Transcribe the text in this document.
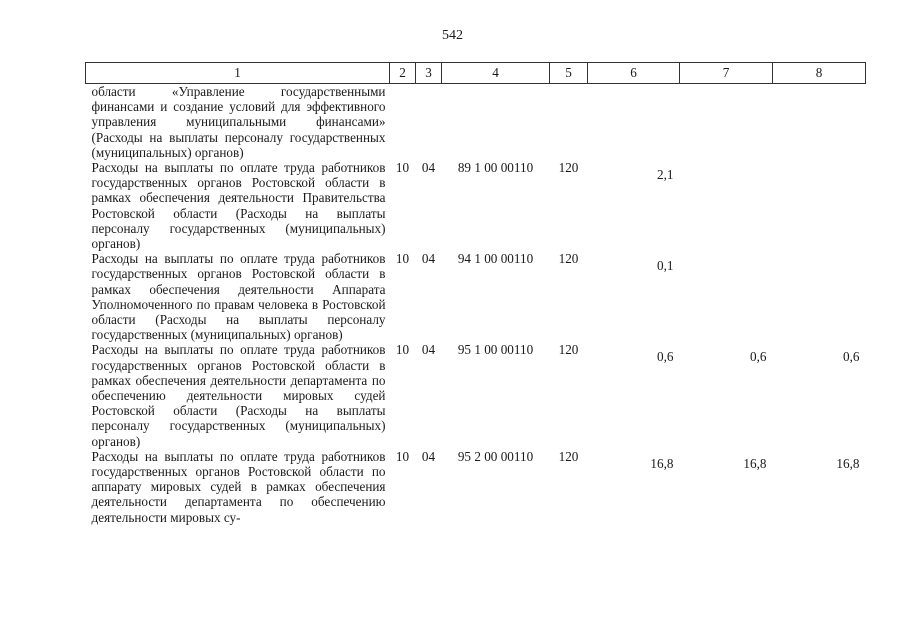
542
1	2	3	4	5	6	7	8
области «Управление государственными финансами и создание условий для эффективного управления муниципальными финансами» (Расходы на выплаты персоналу государственных (муниципальных) органов)							
Расходы на выплаты по оплате труда работников государственных органов Ростовской области в рамках обеспечения деятельности Правительства Ростовской области (Расходы на выплаты персоналу государственных (муниципальных) органов)	10	04	89 1 00 00110	120	2,1		
Расходы на выплаты по оплате труда работников государственных органов Ростовской области в рамках обеспечения деятельности Аппарата Уполномоченного по правам человека в Ростовской области (Расходы на выплаты персоналу государственных (муниципальных) органов)	10	04	94 1 00 00110	120	0,1		
Расходы на выплаты по оплате труда работников государственных органов Ростовской области в рамках обеспечения деятельности департамента по обеспечению деятельности мировых судей Ростовской области (Расходы на выплаты персоналу государственных (муниципальных) органов)	10	04	95 1 00 00110	120	0,6	0,6	0,6
Расходы на выплаты по оплате труда работников государственных органов Ростовской области по аппарату мировых судей в рамках обеспечения деятельности департамента по обеспечению деятельности мировых су-	10	04	95 2 00 00110	120	16,8	16,8	16,8
